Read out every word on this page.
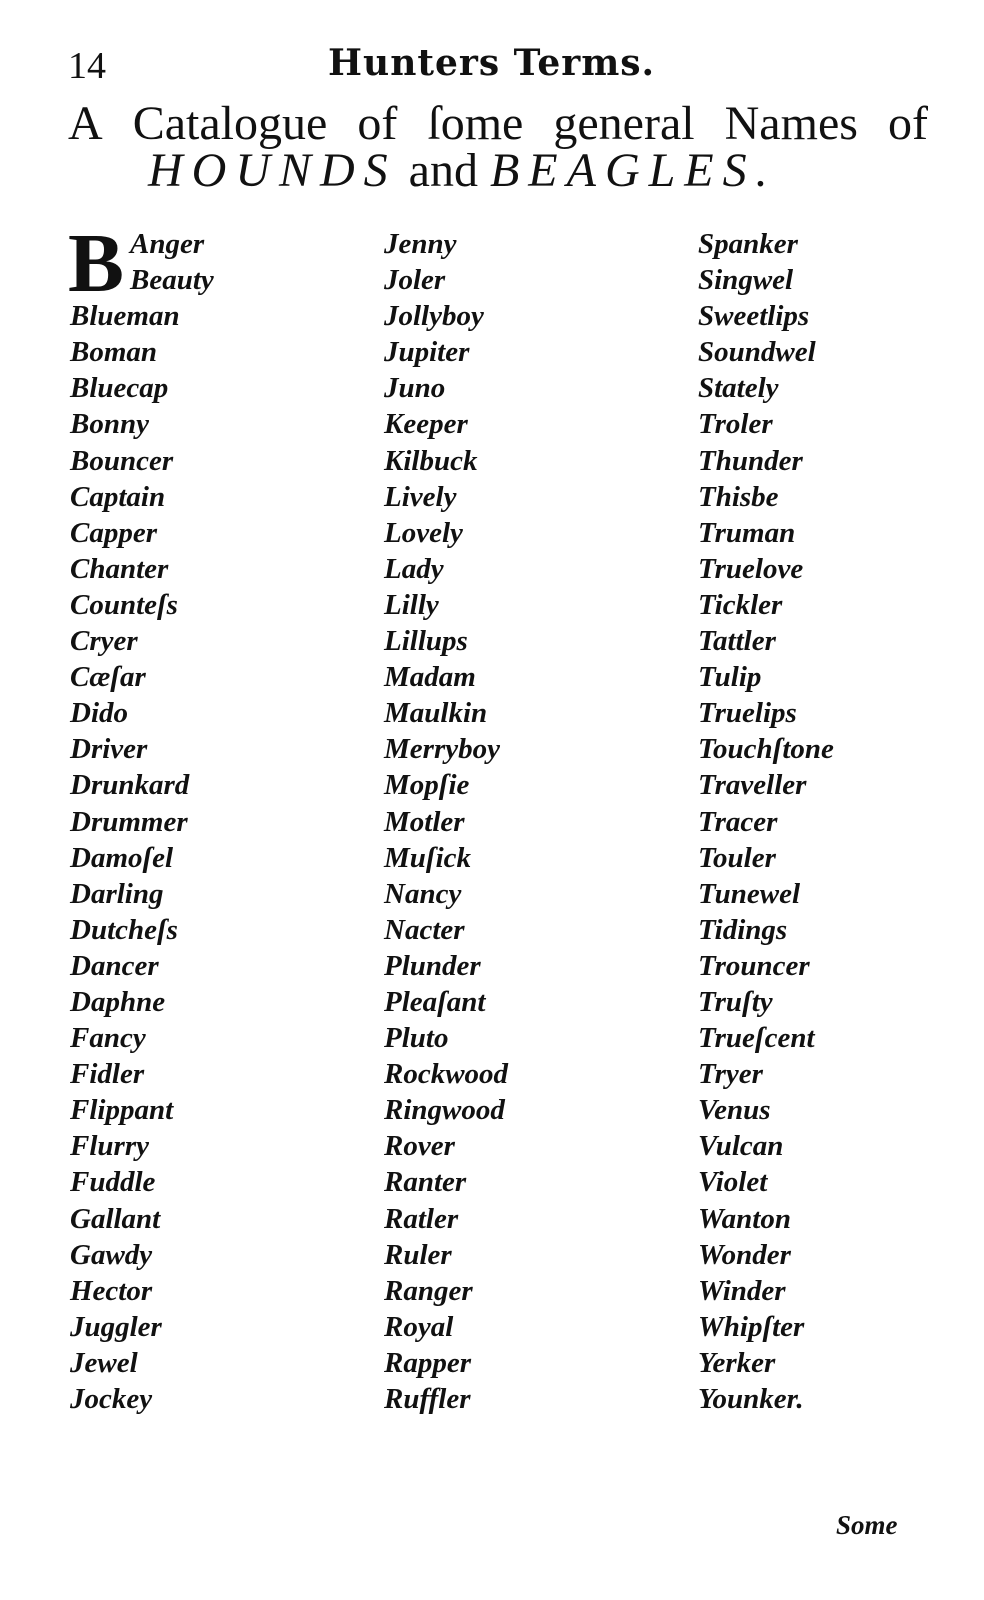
14	Hunters Terms.
A Catalogue of ſome general Names of
HOUNDS and BEAGLES.
B Anger
Beauty
Blueman
Boman
Bluecap
Bonny
Bouncer
Captain
Capper
Chanter
Counteſs
Cryer
Cæſar
Dido
Driver
Drunkard
Drummer
Damoſel
Darling
Dutcheſs
Dancer
Daphne
Fancy
Fidler
Flippant
Flurry
Fuddle
Gallant
Gawdy
Hector
Juggler
Jewel
Jockey
Jenny
Joler
Jollyboy
Jupiter
Juno
Keeper
Kilbuck
Lively
Lovely
Lady
Lilly
Lillups
Madam
Maulkin
Merryboy
Mopſie
Motler
Muſick
Nancy
Nacter
Plunder
Pleaſant
Pluto
Rockwood
Ringwood
Rover
Ranter
Ratler
Ruler
Ranger
Royal
Rapper
Ruffler
Spanker
Singwel
Sweetlips
Soundwel
Stately
Troler
Thunder
Thisbe
Truman
Truelove
Tickler
Tattler
Tulip
Truelips
Touchſtone
Traveller
Tracer
Touler
Tunewel
Tidings
Trouncer
Truſty
Trueſcent
Tryer
Venus
Vulcan
Violet
Wanton
Wonder
Winder
Whipſter
Yerker
Younker.
Some
